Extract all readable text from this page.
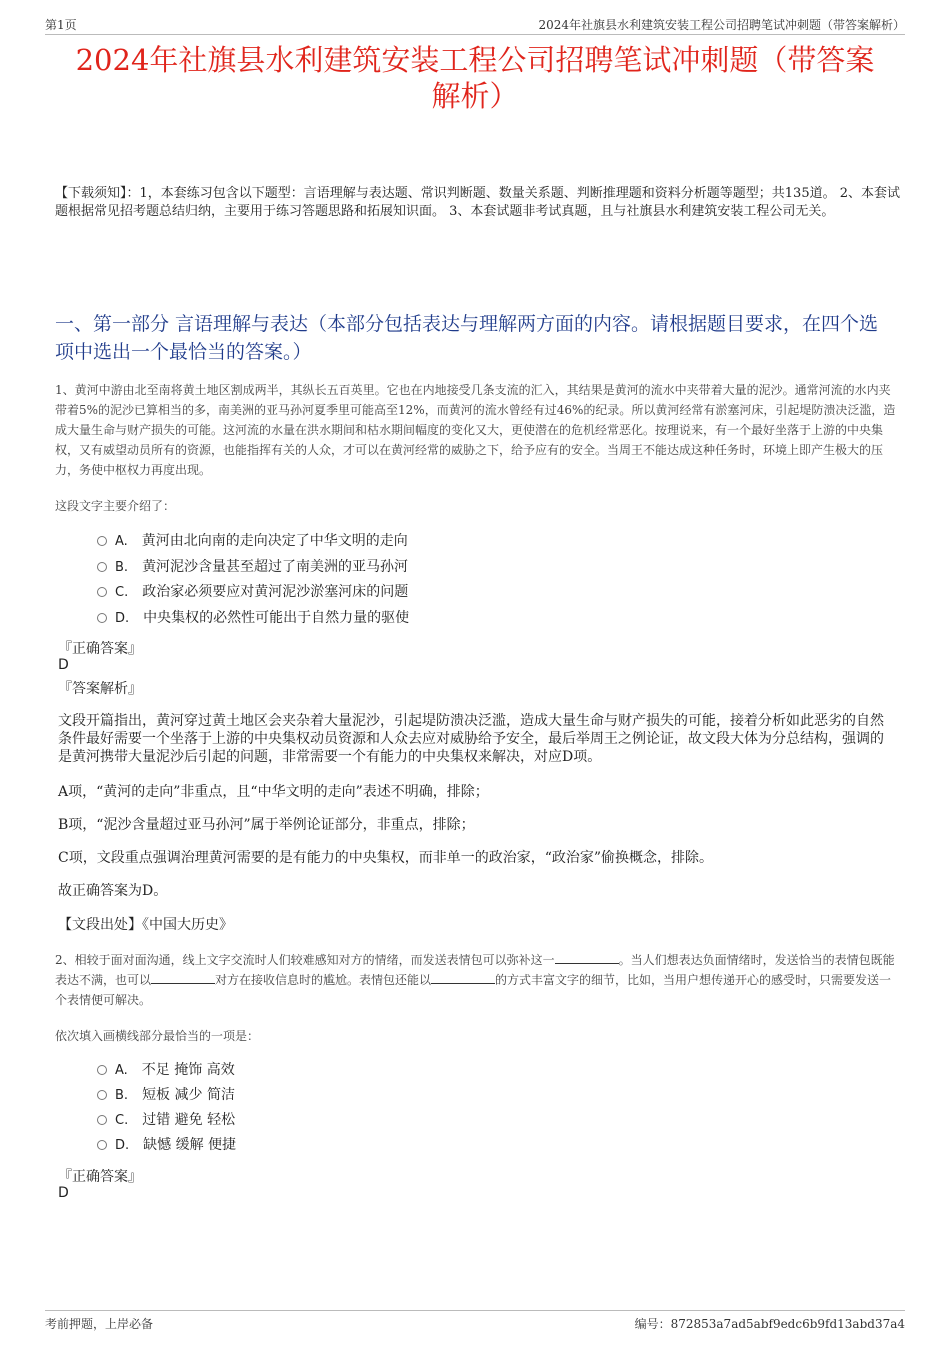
第1页	2024年社旗县水利建筑安装工程公司招聘笔试冲刺题（带答案解析）
2024年社旗县水利建筑安装工程公司招聘笔试冲刺题（带答案
解析）
【下载须知】：1，本套练习包含以下题型：言语理解与表达题、常识判断题、数量关系题、判断推理题和资料分析题等题型；共135道。 2、本套试题根据常见招考题总结归纳，主要用于练习答题思路和拓展知识面。 3、本套试题非考试真题，且与社旗县水利建筑安装工程公司无关。
一、第一部分 言语理解与表达（本部分包括表达与理解两方面的内容。请根据题目要求，在四个选项中选出一个最恰当的答案。）
1、黄河中游由北至南将黄土地区割成两半，其纵长五百英里。它也在内地接受几条支流的汇入，其结果是黄河的流水中夹带着大量的泥沙。通常河流的水内夹带着5%的泥沙已算相当的多，南美洲的亚马孙河夏季里可能高至12%，而黄河的流水曾经有过46%的纪录。所以黄河经常有淤塞河床，引起堤防溃决泛滥，造成大量生命与财产损失的可能。这河流的水量在洪水期间和枯水期间幅度的变化又大，更使潜在的危机经常恶化。按理说来，有一个最好坐落于上游的中央集权，又有威望动员所有的资源，也能指挥有关的人众，才可以在黄河经常的威胁之下，给予应有的安全。当周王不能达成这种任务时，环境上即产生极大的压力，务使中枢权力再度出现。
这段文字主要介绍了：
A. 黄河由北向南的走向决定了中华文明的走向
B. 黄河泥沙含量甚至超过了南美洲的亚马孙河
C. 政治家必须要应对黄河泥沙淤塞河床的问题
D. 中央集权的必然性可能出于自然力量的驱使
『正确答案』
D
『答案解析』
文段开篇指出，黄河穿过黄土地区会夹杂着大量泥沙，引起堤防溃决泛滥，造成大量生命与财产损失的可能，接着分析如此恶劣的自然条件最好需要一个坐落于上游的中央集权动员资源和人众去应对威胁给予安全，最后举周王之例论证，故文段大体为分总结构，强调的是黄河携带大量泥沙后引起的问题，非常需要一个有能力的中央集权来解决，对应D项。
A项，“黄河的走向”非重点，且“中华文明的走向”表述不明确，排除；
B项，“泥沙含量超过亚马孙河”属于举例论证部分，非重点，排除；
C项，文段重点强调治理黄河需要的是有能力的中央集权，而非单一的政治家，“政治家”偷换概念，排除。
故正确答案为D。
【文段出处】《中国大历史》
2、相较于面对面沟通，线上文字交流时人们较难感知对方的情绪，而发送表情包可以弥补这一	。当人们想表达负面情绪时，发送恰当的表情包既能表达不满，也可以	对方在接收信息时的尴尬。表情包还能以	的方式丰富文字的细节，比如，当用户想传递开心的感受时，只需要发送一个表情便可解决。
依次填入画横线部分最恰当的一项是：
A. 不足 掩饰 高效
B. 短板 减少 简洁
C. 过错 避免 轻松
D. 缺憾 缓解 便捷
『正确答案』
D
考前押题，上岸必备	编号：872853a7ad5abf9edc6b9fd13abd37a4
